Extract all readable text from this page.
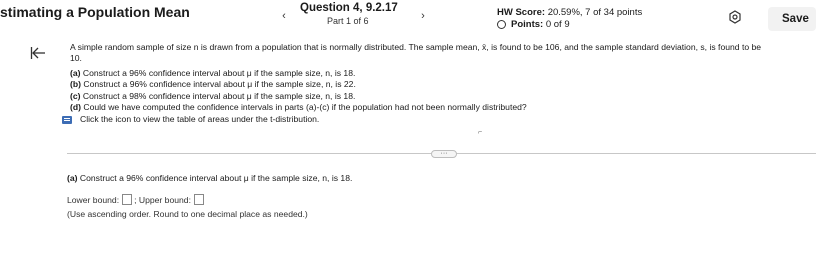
stimating a Population Mean	‹
Question 4, 9.2.17
Part 1 of 6	›	HW Score: 20.59%, 7 of 34 points
Points:
0 of 9	Save
A simple random sample of size n is drawn from a population that is normally distributed. The sample mean, x̄, is found to be 106, and the sample standard deviation, s, is found to be
10.
(a) Construct a 96% confidence interval about μ if the sample size, n, is 18.
(b) Construct a 96% confidence interval about μ if the sample size, n, is 22.
(c) Construct a 98% confidence interval about μ if the sample size, n, is 18.
(d) Could we have computed the confidence intervals in parts (a)-(c) if the population had not been normally distributed?
Click the icon to view the table of areas under the t-distribution.
⌐
···
(a) Construct a 96% confidence interval about μ if the sample size, n, is 18.
Lower bound: ;
Upper bound:
(Use ascending order. Round to one decimal place as needed.)
